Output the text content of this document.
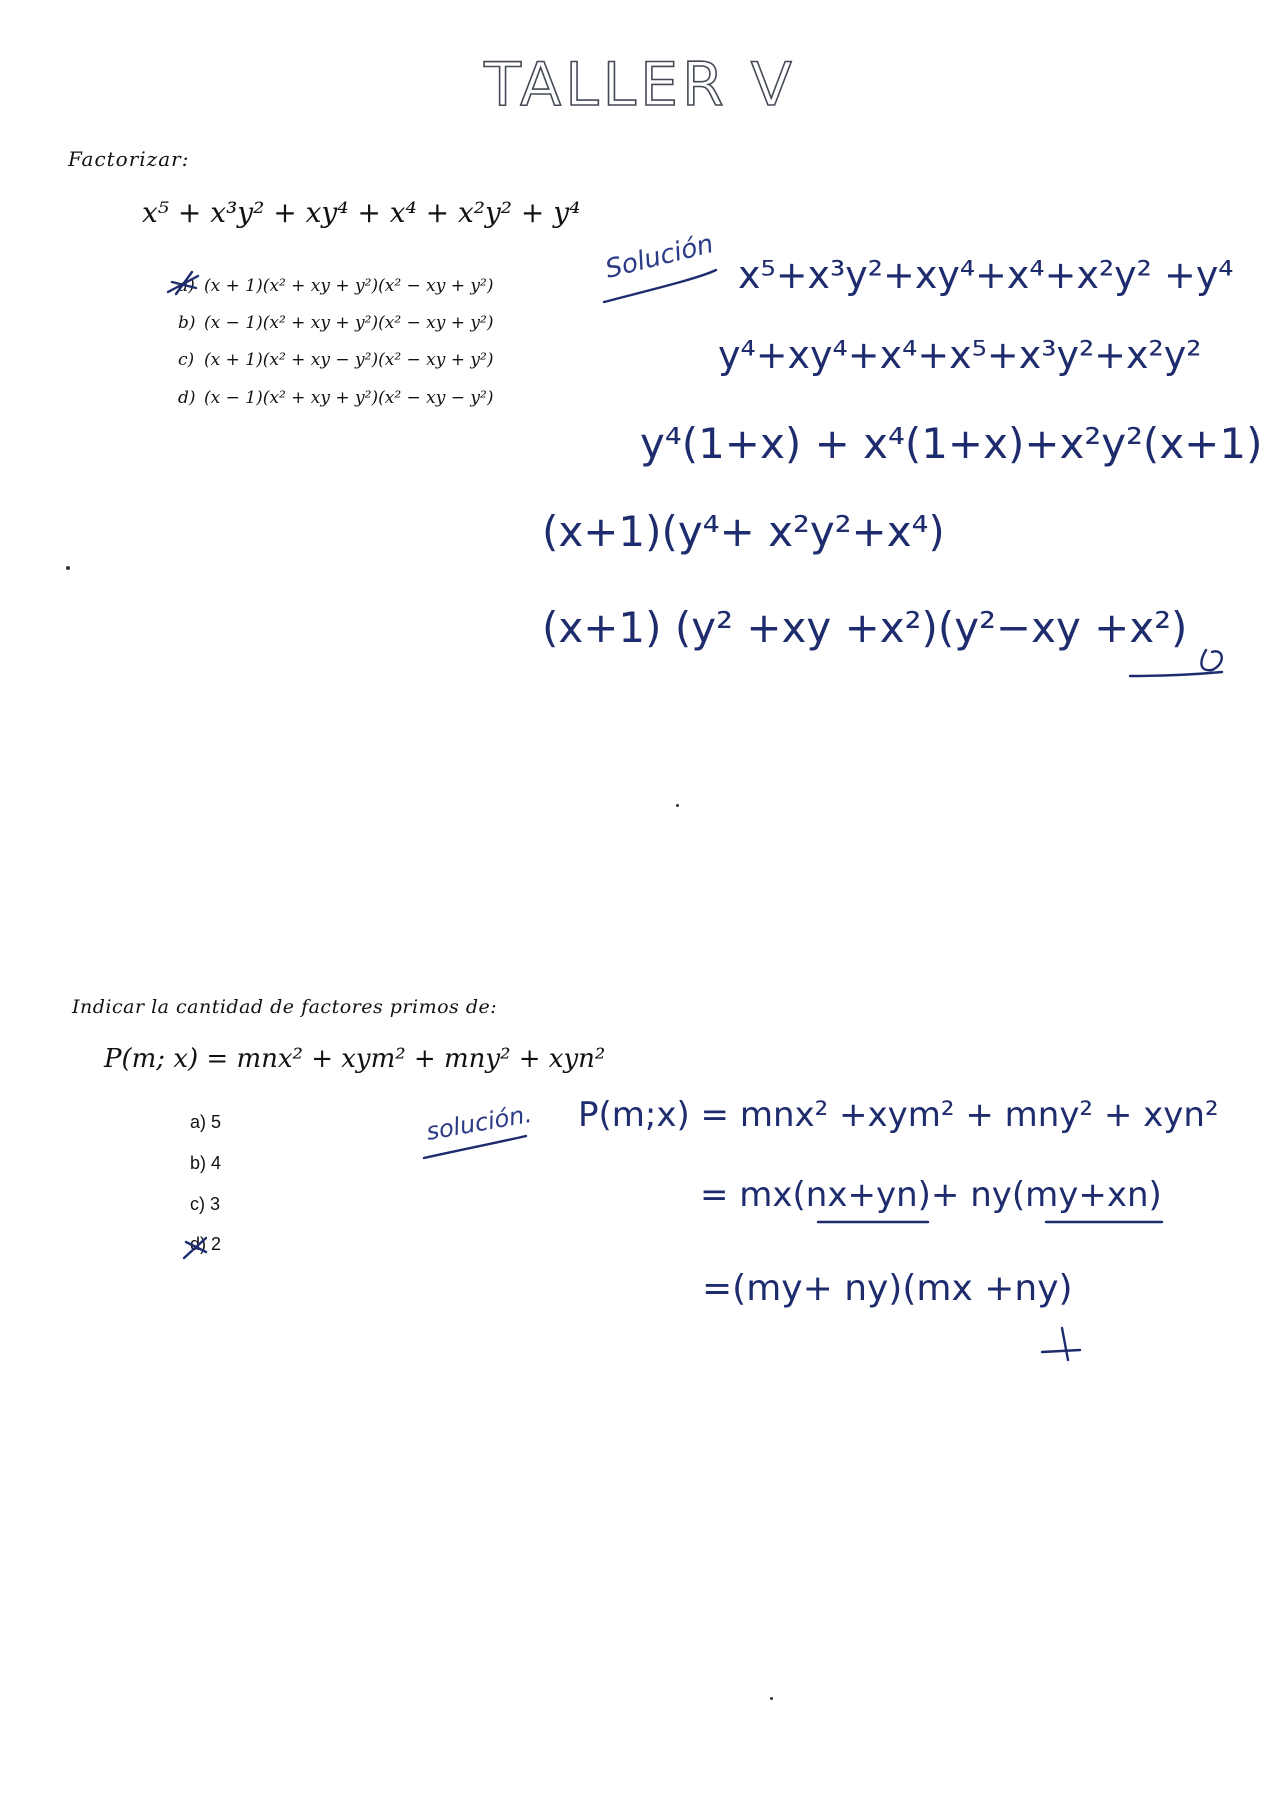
TALLER V
Factorizar:
x⁵ + x³y² + xy⁴ + x⁴ + x²y² + y⁴
a) (x + 1)(x² + xy + y²)(x² − xy + y²)
b) (x − 1)(x² + xy + y²)(x² − xy + y²)
c) (x + 1)(x² + xy − y²)(x² − xy + y²)
d) (x − 1)(x² + xy + y²)(x² − xy − y²)
Indicar la cantidad de factores primos de:
P(m; x) = mnx² + xym² + mny² + xyn²
a) 5
b) 4
c) 3
d) 2
Solución x⁵+x³y²+xy⁴+x⁴+x²y² +y⁴
y⁴+xy⁴+x⁴+x⁵+x³y²+x²y²
y⁴(1+x) + x⁴(1+x)+x²y²(x+1)
(x+1)(y⁴+ x²y²+x⁴)
(x+1) (y² +xy +x²)(y²−xy +x²)
solución. P(m;x) = mnx² +xym² + mny² + xyn²
= mx(nx+yn)+ ny(my+xn)
=(my+ ny)(mx +ny)
